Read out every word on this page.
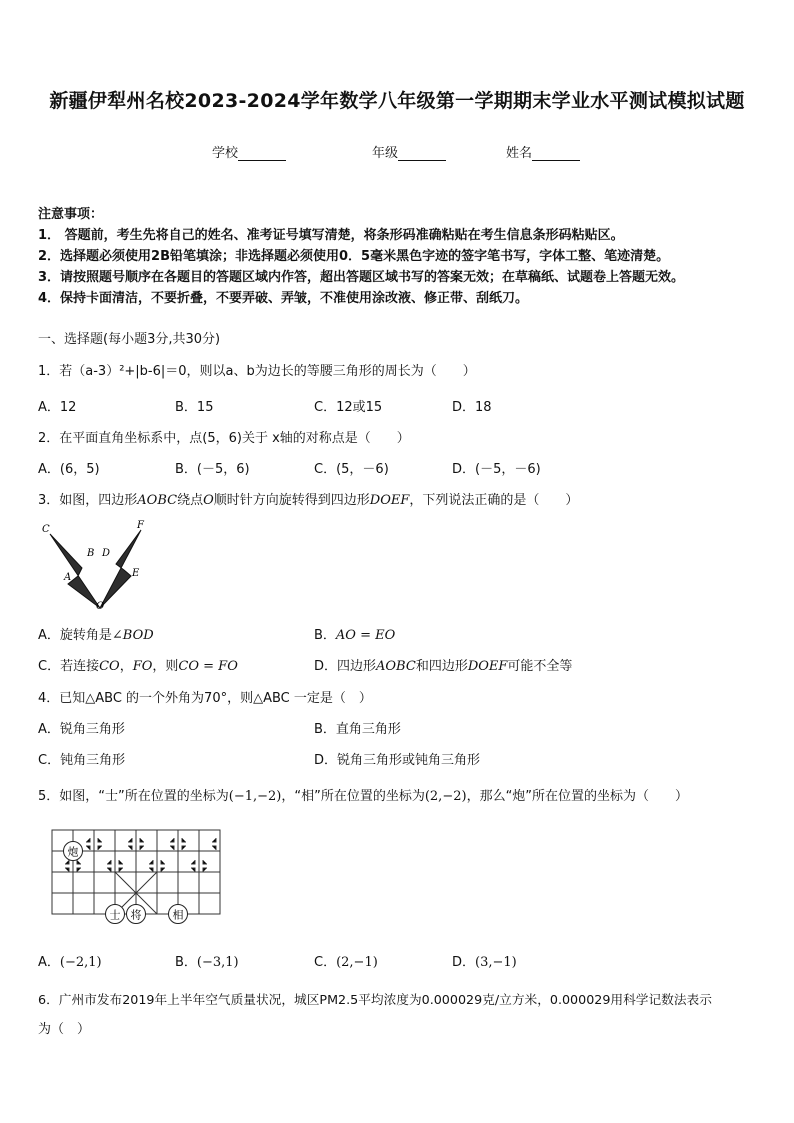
新疆伊犁州名校2023-2024学年数学八年级第一学期期末学业水平测试模拟试题
学校	年级	姓名
注意事项：
1． 答题前，考生先将自己的姓名、准考证号填写清楚，将条形码准确粘贴在考生信息条形码粘贴区。
2．选择题必须使用2B铅笔填涂；非选择题必须使用0．5毫米黑色字迹的签字笔书写，字体工整、笔迹清楚。
3．请按照题号顺序在各题目的答题区域内作答，超出答题区域书写的答案无效；在草稿纸、试题卷上答题无效。
4．保持卡面清洁，不要折叠，不要弄破、弄皱，不准使用涂改液、修正带、刮纸刀。
一、选择题(每小题3分,共30分)
1．若（a-3）²+|b-6|＝0，则以a、b为边长的等腰三角形的周长为（　　）
A．12	B．15	C．12或15	D．18
2．在平面直角坐标系中，点(5，6)关于 x轴的对称点是（　　）
A．(6，5)	B．(－5，6)	C．(5，－6)	D．(－5，－6)
3．如图，四边形AOBC绕点O顺时针方向旋转得到四边形DOEF，下列说法正确的是（　　）
C
B D
F
A	E
O
A．旋转角是∠BOD	B．AO = EO
C．若连接CO，FO，则CO = FO	D．四边形AOBC和四边形DOEF可能不全等
4．已知△ABC 的一个外角为70°，则△ABC 一定是（　）
A．锐角三角形	B．直角三角形
C．钝角三角形	D．锐角三角形或钝角三角形
5．如图，“士”所在位置的坐标为(−1,−2)，“相”所在位置的坐标为(2,−2)，那么“炮”所在位置的坐标为（　　）
炮
士 将	相
A．(−2,1)	B．(−3,1)	C．(2,−1)	D．(3,−1)
6．广州市发布2019年上半年空气质量状况，城区PM2.5平均浓度为0.000029克/立方米，0.000029用科学记数法表示
为（　）
